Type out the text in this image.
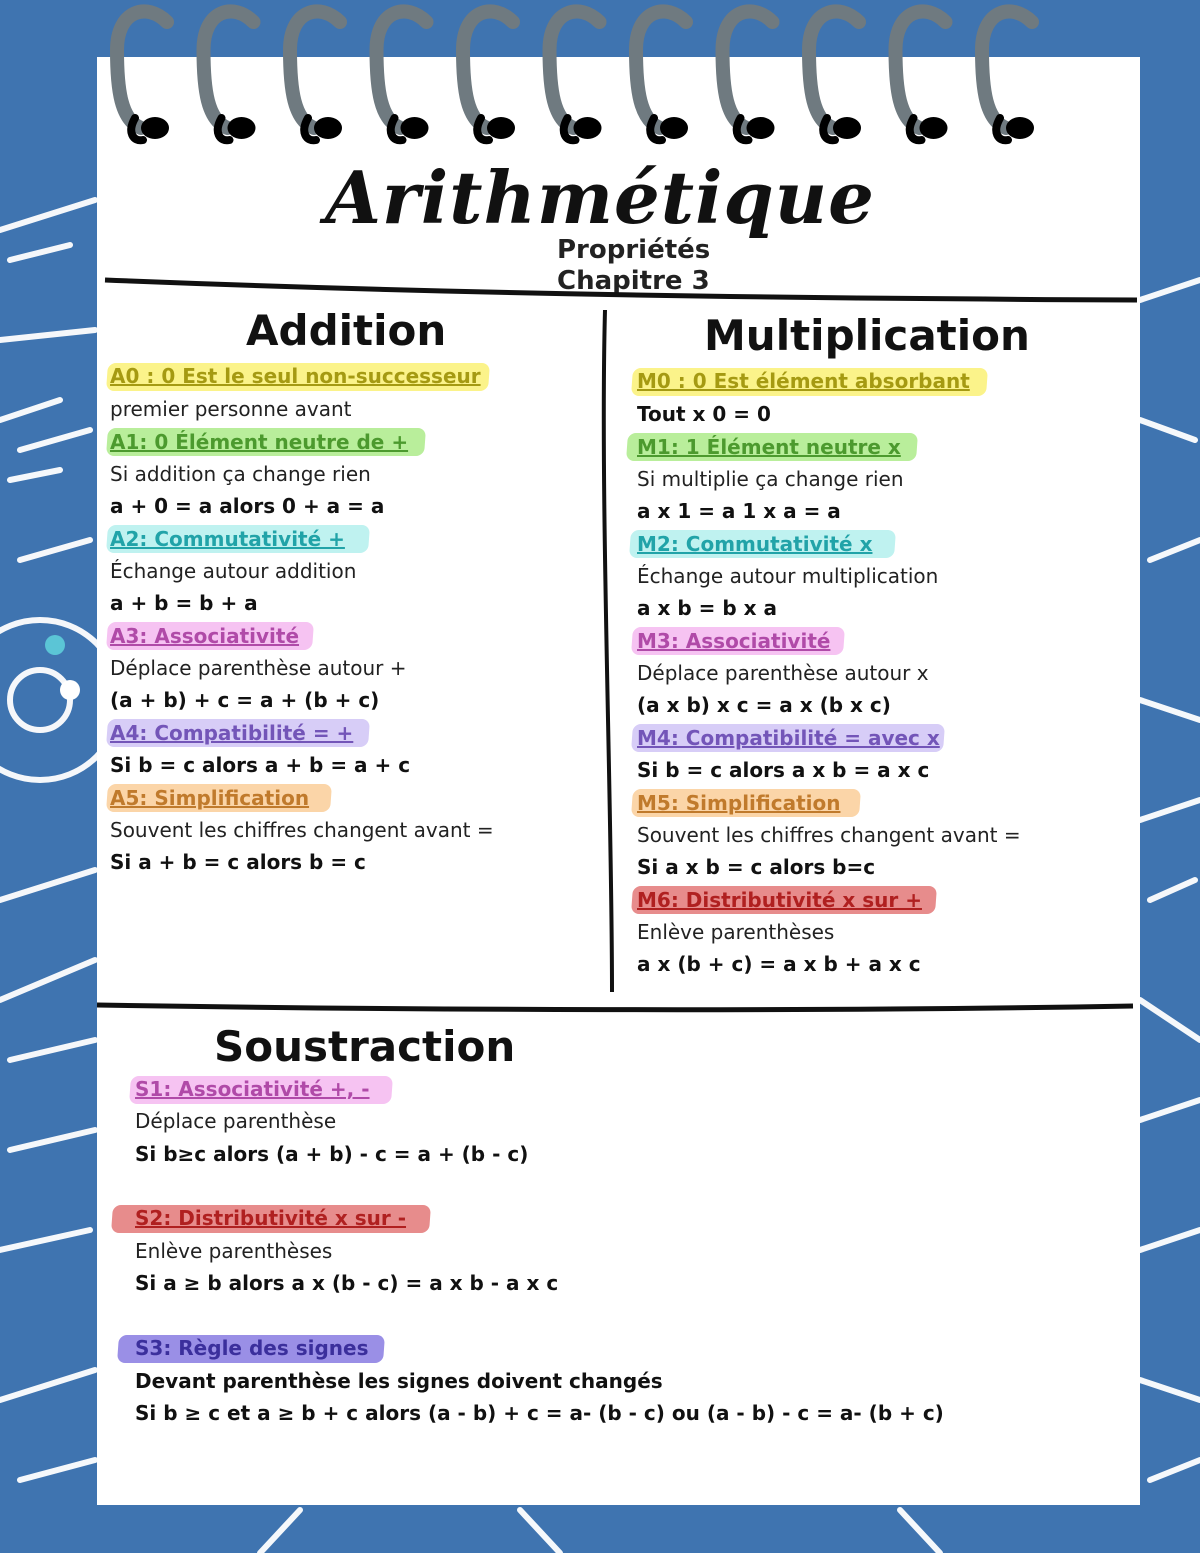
Arithmétique
Propriétés
Chapitre 3
Addition
A0 : 0 Est le seul non-successeur
premier personne avant
A1: 0 Élément neutre de +
Si addition ça change rien
a + 0 = a alors 0 + a = a
A2: Commutativité +
Échange autour addition
a + b = b + a
A3: Associativité
Déplace parenthèse autour +
(a + b) + c = a + (b + c)
A4: Compatibilité = +
Si b = c alors a + b = a + c
A5: Simplification
Souvent les chiffres changent avant =
Si a + b = c alors b = c
Multiplication
M0 : 0 Est élément absorbant
Tout x 0 = 0
M1: 1 Élément neutre x
Si multiplie ça change rien
a x 1 = a 1 x a = a
M2: Commutativité x
Échange autour multiplication
a x b = b x a
M3: Associativité
Déplace parenthèse autour x
(a x b) x c = a x (b x c)
M4: Compatibilité = avec x
Si b = c alors a x b = a x c
M5: Simplification
Souvent les chiffres changent avant =
Si a x b = c alors b=c
M6: Distributivité x sur +
Enlève parenthèses
a x (b + c) = a x b + a x c
Soustraction
S1: Associativité +, -
Déplace parenthèse
Si b≥c alors (a + b) - c = a + (b - c)
S2: Distributivité x sur -
Enlève parenthèses
Si a ≥ b alors a x (b - c) = a x b - a x c
S3: Règle des signes
Devant parenthèse les signes doivent changés
Si b ≥ c et a ≥ b + c alors (a - b) + c = a- (b - c) ou (a - b) - c = a- (b + c)
